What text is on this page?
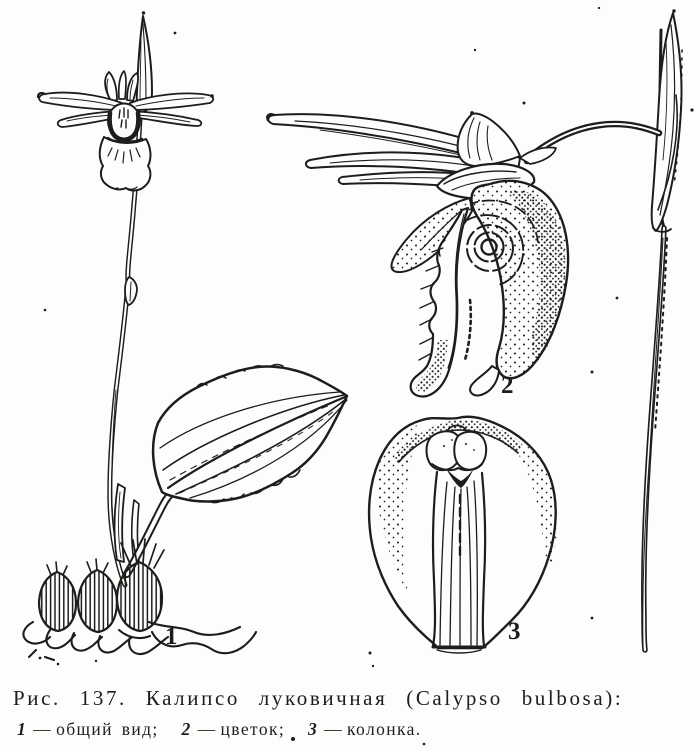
1
2
3
Рис. 137. Калипсо луковичная (Calypso bulbosa):
1 — общий вид; 2 — цветок; 3 — колонка.
